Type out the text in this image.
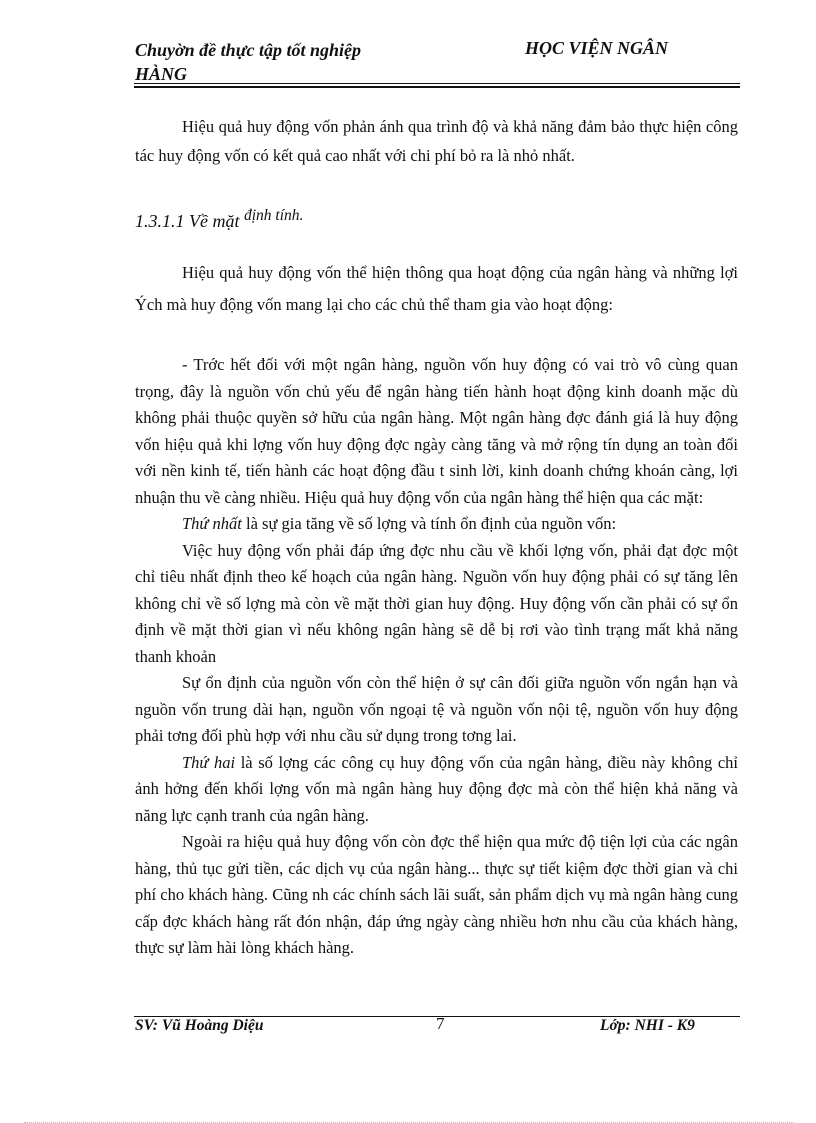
Chuyờn đề thực tập tốt nghiệp
HÀNG
HỌC VIỆN NGÂN

Hiệu quả huy động vốn phản ánh qua trình độ và khả năng đảm bảo thực hiện công tác huy động vốn có kết quả cao nhất với chi phí bỏ ra là nhỏ nhất.

1.3.1.1 Về mặt định tính.

Hiệu quả huy động vốn thể hiện thông qua hoạt động của ngân hàng và những lợi Ých mà huy động vốn mang lại cho các chủ thể tham gia vào hoạt động:

- Trớc hết đối với một ngân hàng, nguồn vốn huy động có vai trò vô cùng quan trọng, đây là nguồn vốn chủ yếu để ngân hàng tiến hành hoạt động kinh doanh mặc dù không phải thuộc quyền sở hữu của ngân hàng. Một ngân hàng đợc đánh giá là huy động vốn hiệu quả khi lợng vốn huy động đợc ngày càng tăng và mở rộng tín dụng an toàn đối với nền kinh tế, tiến hành các hoạt động đầu t sinh lời, kinh doanh chứng khoán càng, lợi nhuận thu về càng nhiều. Hiệu quả huy động vốn của ngân hàng thể hiện qua các mặt:

Thứ nhất là sự gia tăng về số lợng và tính ổn định của nguồn vốn:

Việc huy động vốn phải đáp ứng đợc nhu cầu về khối lợng vốn, phải đạt đợc một chỉ tiêu nhất định theo kế hoạch của ngân hàng. Nguồn vốn huy động phải có sự tăng lên không chỉ về số lợng mà còn về mặt thời gian huy động. Huy động vốn cần phải có sự ổn định về mặt thời gian vì nếu không ngân hàng sẽ dễ bị rơi vào tình trạng mất khả năng thanh khoản

Sự ổn định của nguồn vốn còn thể hiện ở sự cân đối giữa nguồn vốn ngắn hạn và nguồn vốn trung dài hạn, nguồn vốn ngoại tệ và nguồn vốn nội tệ, nguồn vốn huy động phải tơng đối phù hợp với nhu cầu sử dụng trong tơng lai.

Thứ hai là số lợng các công cụ huy động vốn của ngân hàng, điều này không chỉ ảnh hởng đến khối lợng vốn mà ngân hàng huy động đợc mà còn thể hiện khả năng và năng lực cạnh tranh của ngân hàng.

Ngoài ra hiệu quả huy động vốn còn đợc thể hiện qua mức độ tiện lợi của các ngân hàng, thủ tục gửi tiền, các dịch vụ của ngân hàng... thực sự tiết kiệm đợc thời gian và chi phí cho khách hàng. Cũng nh các chính sách lãi suất, sản phẩm dịch vụ mà ngân hàng cung cấp đợc khách hàng rất đón nhận, đáp ứng ngày càng nhiều hơn nhu cầu của khách hàng, thực sự làm hài lòng khách hàng.

SV: Vũ Hoàng Diệu	7	Lớp: NHI - K9
